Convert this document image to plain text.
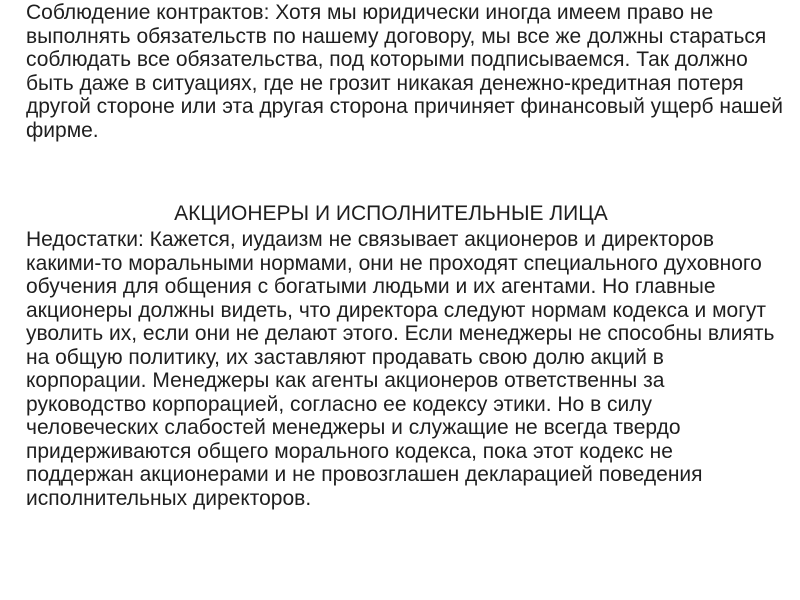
Соблюдение контрактов: Хотя мы юридически иногда имеем право не выполнять обязательств по нашему договору, мы все же должны стараться соблюдать все обязательства, под которыми подписываемся. Так должно быть даже в ситуациях, где не грозит никакая денежно-кредитная потеря другой стороне или эта другая сторона причиняет финансовый ущерб нашей фирме.

АКЦИОНЕРЫ И ИСПОЛНИТЕЛЬНЫЕ ЛИЦА

Недостатки: Кажется, иудаизм не связывает акционеров и директоров какими-то моральными нормами, они не проходят специального духовного обучения для общения с богатыми людьми и их агентами. Но главные акционеры должны видеть, что директора следуют нормам кодекса и могут уволить их, если они не делают этого. Если менеджеры не способны влиять на общую политику, их заставляют продавать свою долю акций в корпорации. Менеджеры как агенты акционеров ответственны за руководство корпорацией, согласно ее кодексу этики. Но в силу человеческих слабостей менеджеры и служащие не всегда твердо придерживаются общего морального кодекса, пока этот кодекс не поддержан акционерами и не провозглашен декларацией поведения исполнительных директоров.
